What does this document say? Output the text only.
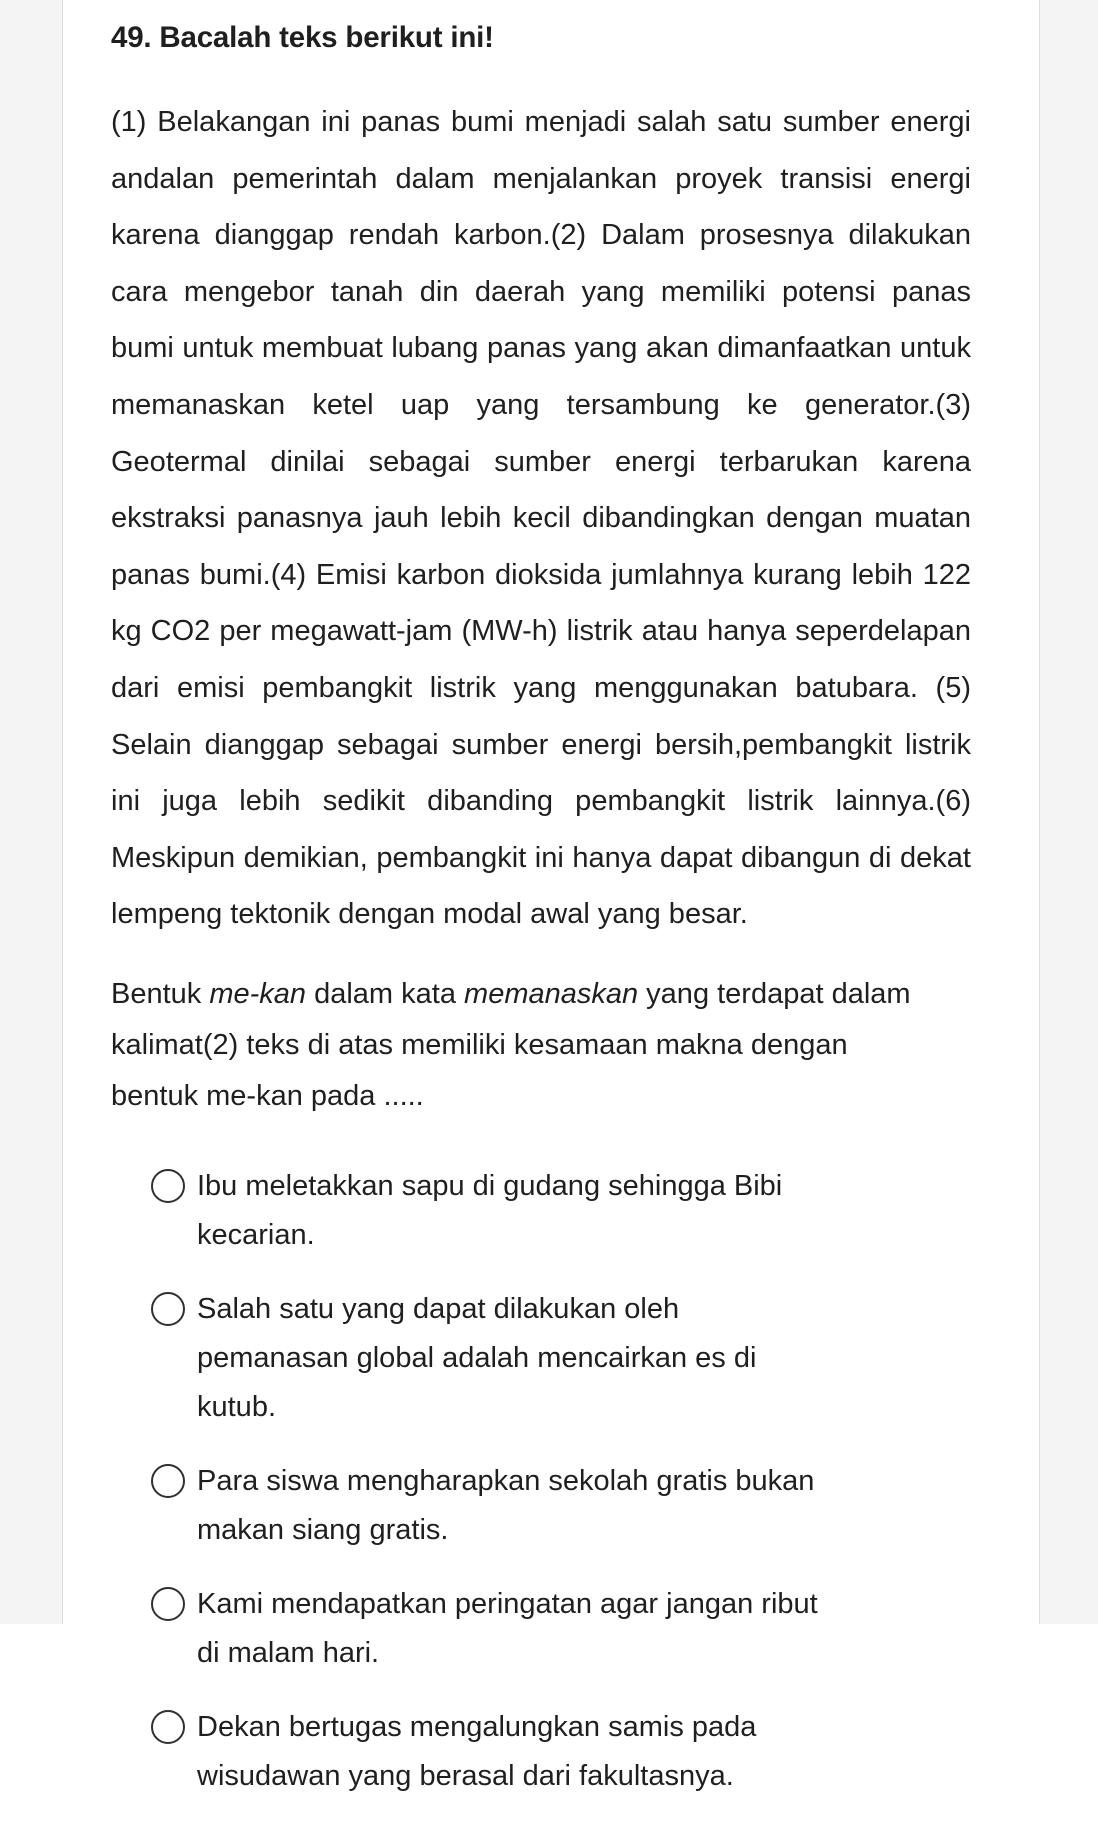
49. Bacalah teks berikut ini!
(1) Belakangan ini panas bumi menjadi salah satu sumber energi andalan pemerintah dalam menjalankan proyek transisi energi karena dianggap rendah karbon.(2) Dalam prosesnya dilakukan cara mengebor tanah din daerah yang memiliki potensi panas bumi untuk membuat lubang panas yang akan dimanfaatkan untuk memanaskan ketel uap yang tersambung ke generator.(3) Geotermal dinilai sebagai sumber energi terbarukan karena ekstraksi panasnya jauh lebih kecil dibandingkan dengan muatan panas bumi.(4) Emisi karbon dioksida jumlahnya kurang lebih 122 kg CO2 per megawatt-jam (MW-h) listrik atau hanya seperdelapan dari emisi pembangkit listrik yang menggunakan batubara. (5) Selain dianggap sebagai sumber energi bersih,pembangkit listrik ini juga lebih sedikit dibanding pembangkit listrik lainnya.(6) Meskipun demikian, pembangkit ini hanya dapat dibangun di dekat lempeng tektonik dengan modal awal yang besar.
Bentuk me-kan dalam kata memanaskan yang terdapat dalam kalimat(2) teks di atas memiliki kesamaan makna dengan bentuk me-kan pada .....
Ibu meletakkan sapu di gudang sehingga Bibi kecarian.
Salah satu yang dapat dilakukan oleh pemanasan global adalah mencairkan es di kutub.
Para siswa mengharapkan sekolah gratis bukan makan siang gratis.
Kami mendapatkan peringatan agar jangan ribut di malam hari.
Dekan bertugas mengalungkan samis pada wisudawan yang berasal dari fakultasnya.
